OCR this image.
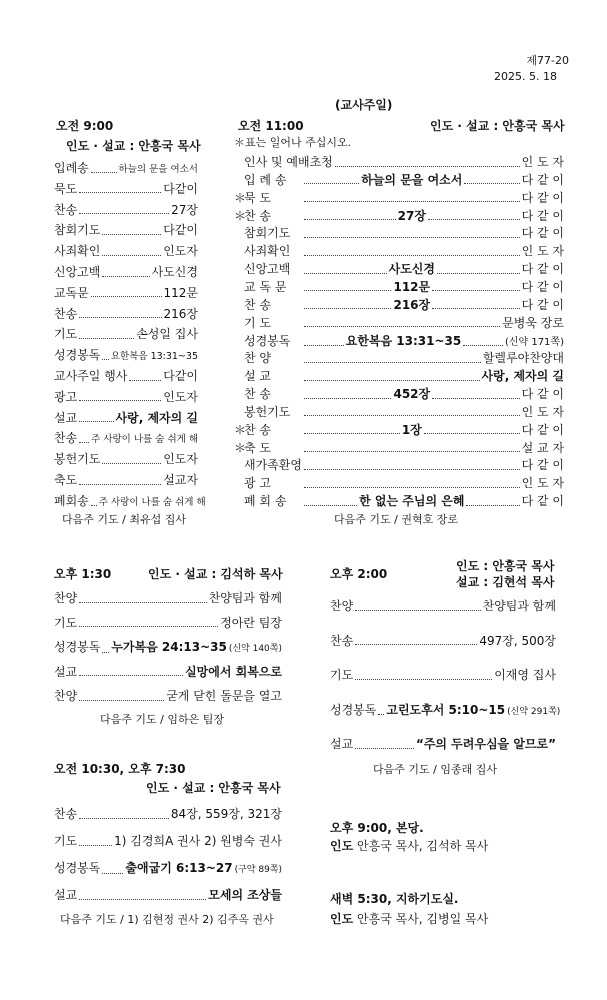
제77-20
2025. 5. 18
(교사주일)
오전 9:00
인도 · 설교 : 안흥국 목사
입례송	하늘의 문을 여소서
묵도	다같이
찬송	27장
참회기도	다같이
사죄확인	인도자
신앙고백	사도신경
교독문	112문
찬송	216장
기도	손성일 집사
성경봉독 요한복음 13:31~35
교사주일 행사	다같이
광고	인도자
설교	사랑, 제자의 길
찬송 주 사랑이 나를 숨 쉬게 해
봉헌기도	인도자
축도	설교자
폐회송 주 사랑이 나를 숨 쉬게 해
다음주 기도 / 최유섭 집사
오전 11:00	인도 · 설교 : 안흥국 목사
＊표는 일어나 주십시오.
인사 및 예배초청	인 도 자
입 례 송	하늘의 문을 여소서	다 같 이
＊
묵 도	다 같 이
＊
찬 송	27장	다 같 이
참회기도	다 같 이
사죄확인	인 도 자
신앙고백	사도신경	다 같 이
교 독 문	112문	다 같 이
찬 송	216장	다 같 이
기 도	문병욱 장로
성경봉독	요한복음 13:31~35	(신약 171쪽)
찬 양	할렐루야찬양대
설 교	사랑, 제자의 길
찬 송	452장	다 같 이
봉헌기도	인 도 자
＊
찬 송	1장	다 같 이
＊
축 도	설 교 자
새가족환영	다 같 이
광 고	인 도 자
폐 회 송	한 없는 주님의 은혜	다 같 이
다음주 기도 / 권혁호 장로
오후 1:30	인도 · 설교 : 김석하 목사
찬양	찬양팀과 함께
기도	정아란 팀장
성경봉독 누가복음 24:13~35 (신약 140쪽)
설교	실망에서 회복으로
찬양	굳게 닫힌 돌문을 열고
다음주 기도 / 임하은 팀장
오후 2:00
인도 : 안흥국 목사
설교 : 김현석 목사
찬양	찬양팀과 함께
찬송	497장, 500장
기도	이재영 집사
성경봉독 고린도후서 5:10~15 (신약 291쪽)
설교	“주의 두려우심을 알므로”
다음주 기도 / 임종래 집사
오전 10:30, 오후 7:30
인도 · 설교 : 안흥국 목사
찬송	84장, 559장, 321장
기도	1) 김경희A 권사 2) 원병숙 권사
성경봉독 출애굽기 6:13~27 (구약 89쪽)
설교	모세의 조상들
다음주 기도 / 1) 김현정 권사 2) 김주옥 권사
오후 9:00, 본당.
인도 안흥국 목사, 김석하 목사
새벽 5:30, 지하기도실.
인도 안흥국 목사, 김병일 목사
